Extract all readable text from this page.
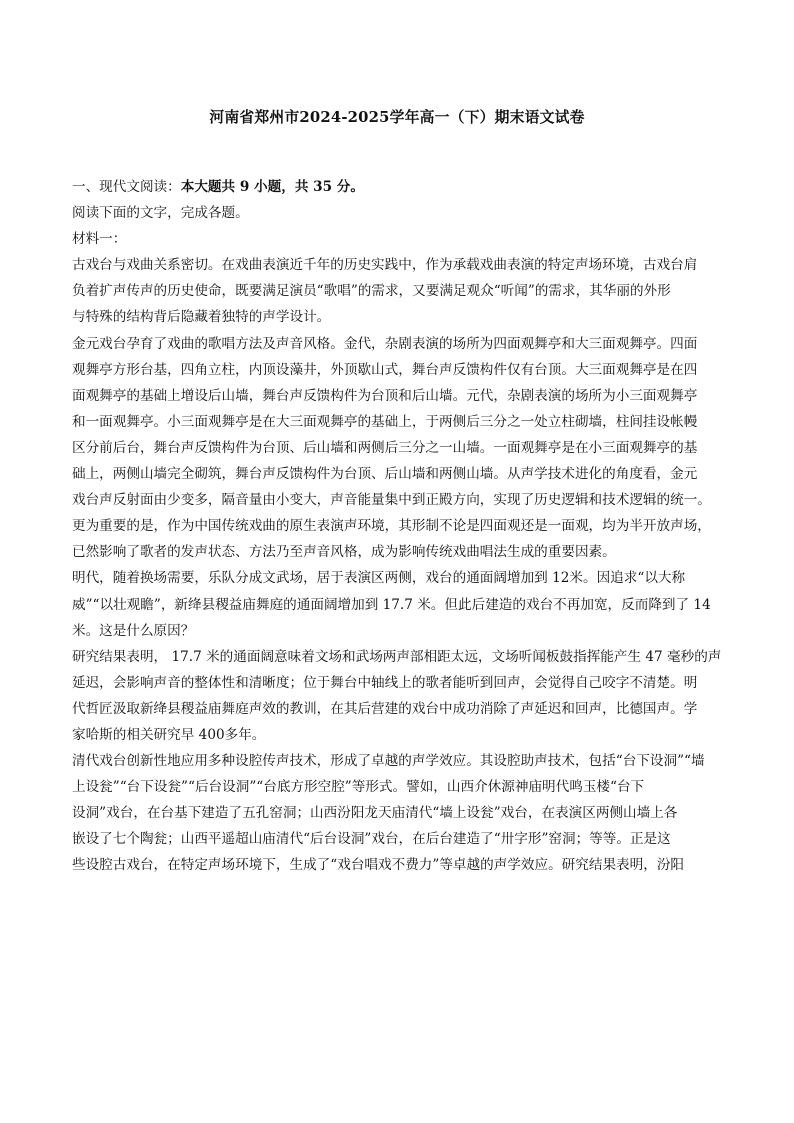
河南省郑州市2024-2025学年高一（下）期末语文试卷
一、现代文阅读：本大题共 9 小题，共 35 分。
阅读下面的文字，完成各题。
材料一：
古戏台与戏曲关系密切。在戏曲表演近千年的历史实践中，作为承载戏曲表演的特定声场环境，古戏台肩
负着扩声传声的历史使命，既要满足演员“歌唱”的需求，又要满足观众“听闻”的需求，其华丽的外形
与特殊的结构背后隐藏着独特的声学设计。
金元戏台孕育了戏曲的歌唱方法及声音风格。金代，杂剧表演的场所为四面观舞亭和大三面观舞亭。四面
观舞亭方形台基，四角立柱，内顶设藻井，外顶歇山式，舞台声反馈构件仅有台顶。大三面观舞亭是在四
面观舞亭的基础上增设后山墙，舞台声反馈构件为台顶和后山墙。元代，杂剧表演的场所为小三面观舞亭
和一面观舞亭。小三面观舞亭是在大三面观舞亭的基础上，于两侧后三分之一处立柱砌墙，柱间挂设帐幔
区分前后台，舞台声反馈构件为台顶、后山墙和两侧后三分之一山墙。一面观舞亭是在小三面观舞亭的基
础上，两侧山墙完全砌筑，舞台声反馈构件为台顶、后山墙和两侧山墙。从声学技术进化的角度看，金元
戏台声反射面由少变多，隔音量由小变大，声音能量集中到正殿方向，实现了历史逻辑和技术逻辑的统一。
更为重要的是，作为中国传统戏曲的原生表演声环境，其形制不论是四面观还是一面观，均为半开放声场，
已然影响了歌者的发声状态、方法乃至声音风格，成为影响传统戏曲唱法生成的重要因素。
明代，随着换场需要，乐队分成文武场，居于表演区两侧，戏台的通面阔增加到 12米。因追求“以大称
威”“以壮观瞻”，新绛县稷益庙舞庭的通面阔增加到 17.7 米。但此后建造的戏台不再加宽，反而降到了 14
米。这是什么原因？
研究结果表明， 17.7 米的通面阔意味着文场和武场两声部相距太远，文场听闻板鼓指挥能产生 47 毫秒的声
延迟，会影响声音的整体性和清晰度；位于舞台中轴线上的歌者能听到回声，会觉得自己咬字不清楚。明
代哲匠汲取新绛县稷益庙舞庭声效的教训，在其后营建的戏台中成功消除了声延迟和回声，比德国声。学
家哈斯的相关研究早 400多年。
清代戏台创新性地应用多种设腔传声技术，形成了卓越的声学效应。其设腔助声技术，包括“台下设洞”“墙
上设瓮”“台下设瓮”“后台设洞”“台底方形空腔”等形式。譬如，山西介休源神庙明代鸣玉楼“台下
设洞”戏台，在台基下建造了五孔窑洞；山西汾阳龙天庙清代“墙上设瓮”戏台，在表演区两侧山墙上各
嵌设了七个陶瓮；山西平遥超山庙清代“后台设洞”戏台，在后台建造了“卅字形”窑洞；等等。正是这
些设腔古戏台，在特定声场环境下，生成了“戏台唱戏不费力”等卓越的声学效应。研究结果表明，汾阳
